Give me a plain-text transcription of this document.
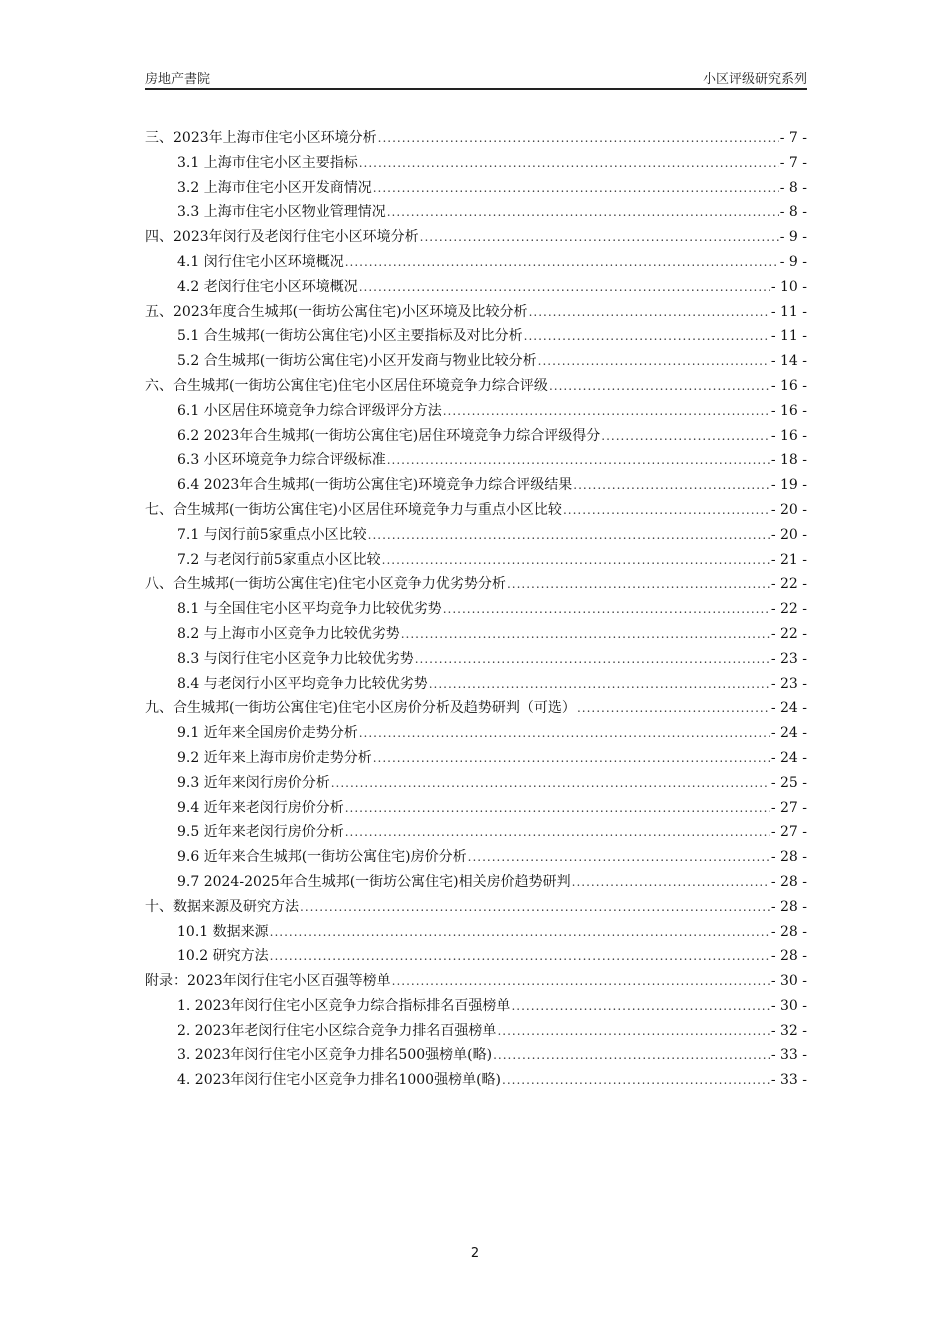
房地产書院	小区评级研究系列
三、2023年上海市住宅小区环境分析 .....	- 7 -
3.1 上海市住宅小区主要指标 .....	- 7 -
3.2 上海市住宅小区开发商情况 .....	- 8 -
3.3 上海市住宅小区物业管理情况 .....	- 8 -
四、2023年闵行及老闵行住宅小区环境分析 .....	- 9 -
4.1 闵行住宅小区环境概况 .....	- 9 -
4.2 老闵行住宅小区环境概况 .....	- 10 -
五、2023年度合生城邦(一街坊公寓住宅)小区环境及比较分析 .....	- 11 -
5.1 合生城邦(一街坊公寓住宅)小区主要指标及对比分析 .....	- 11 -
5.2 合生城邦(一街坊公寓住宅)小区开发商与物业比较分析 .....	- 14 -
六、合生城邦(一街坊公寓住宅)住宅小区居住环境竞争力综合评级 .....	- 16 -
6.1 小区居住环境竞争力综合评级评分方法 .....	- 16 -
6.2 2023年合生城邦(一街坊公寓住宅)居住环境竞争力综合评级得分 .....	- 16 -
6.3 小区环境竞争力综合评级标准 .....	- 18 -
6.4 2023年合生城邦(一街坊公寓住宅)环境竞争力综合评级结果 .....	- 19 -
七、合生城邦(一街坊公寓住宅)小区居住环境竞争力与重点小区比较 .....	- 20 -
7.1 与闵行前5家重点小区比较 .....	- 20 -
7.2 与老闵行前5家重点小区比较 .....	- 21 -
八、合生城邦(一街坊公寓住宅)住宅小区竞争力优劣势分析 .....	- 22 -
8.1 与全国住宅小区平均竞争力比较优劣势 .....	- 22 -
8.2 与上海市小区竞争力比较优劣势 .....	- 22 -
8.3 与闵行住宅小区竞争力比较优劣势 .....	- 23 -
8.4 与老闵行小区平均竞争力比较优劣势 .....	- 23 -
九、合生城邦(一街坊公寓住宅)住宅小区房价分析及趋势研判（可选） .....	- 24 -
9.1 近年来全国房价走势分析 .....	- 24 -
9.2 近年来上海市房价走势分析 .....	- 24 -
9.3 近年来闵行房价分析 .....	- 25 -
9.4 近年来老闵行房价分析 .....	- 27 -
9.5 近年来老闵行房价分析 .....	- 27 -
9.6 近年来合生城邦(一街坊公寓住宅)房价分析 .....	- 28 -
9.7 2024-2025年合生城邦(一街坊公寓住宅)相关房价趋势研判 .....	- 28 -
十、数据来源及研究方法 .....	- 28 -
10.1 数据来源 .....	- 28 -
10.2 研究方法 .....	- 28 -
附录：2023年闵行住宅小区百强等榜单 .....	- 30 -
1. 2023年闵行住宅小区竞争力综合指标排名百强榜单 .....	- 30 -
2. 2023年老闵行住宅小区综合竞争力排名百强榜单 .....	- 32 -
3. 2023年闵行住宅小区竞争力排名500强榜单(略) .....	- 33 -
4. 2023年闵行住宅小区竞争力排名1000强榜单(略) .....	- 33 -
2
